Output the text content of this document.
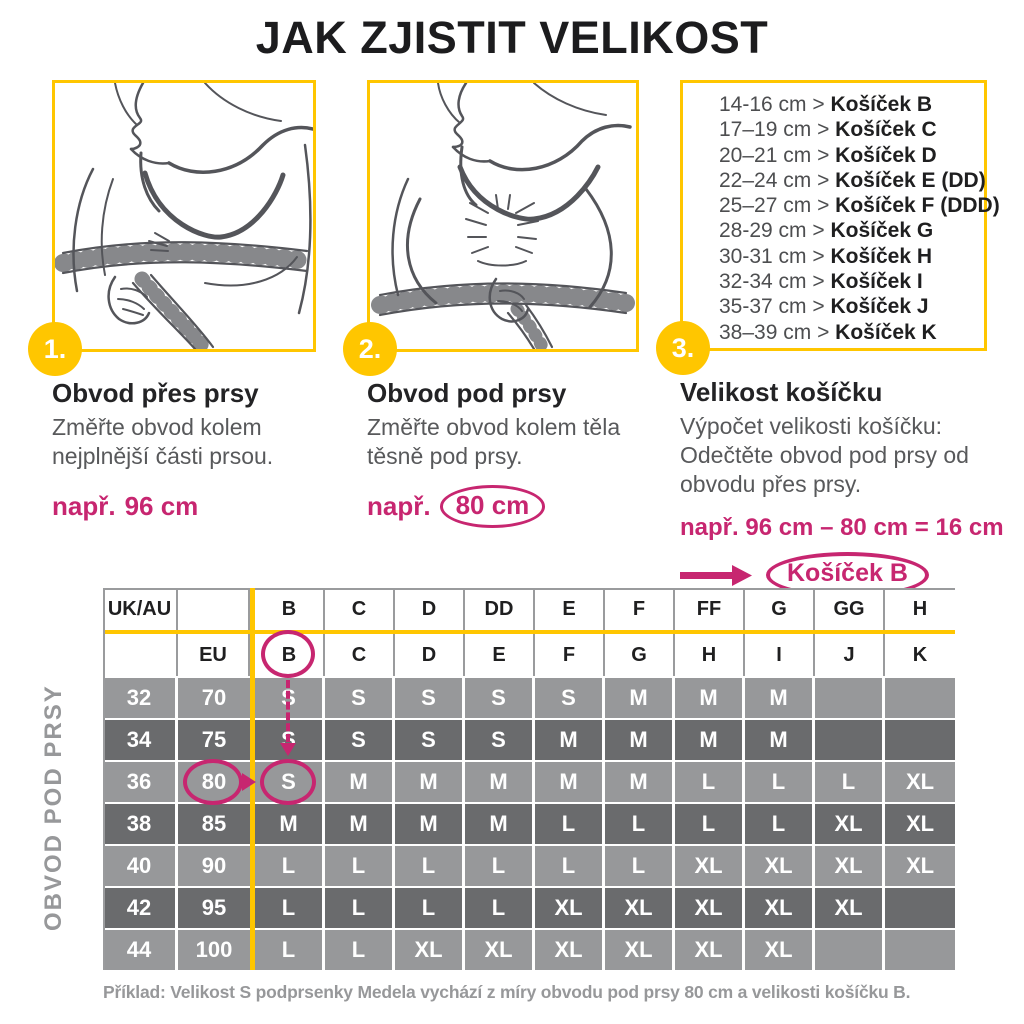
JAK ZJISTIT VELIKOST
1.
Obvod přes prsy

Změřte obvod kolem nejplnější části prsou.

např. 96 cm
2.
Obvod pod prsy

Změřte obvod kolem těla těsně pod prsy.

např. 80 cm
14-16 cm > Košíček B
17–19 cm > Košíček C
20–21 cm > Košíček D
22–24 cm > Košíček E (DD)
25–27 cm > Košíček F (DDD)
28-29 cm > Košíček G
30-31 cm > Košíček H
32-34 cm > Košíček I
35-37 cm > Košíček J
38–39 cm > Košíček K
3.
Velikost košíčku

Výpočet velikosti košíčku: Odečtěte obvod pod prsy od obvodu přes prsy.

např. 96 cm – 80 cm = 16 cm
Košíček B
OBVOD POD PRSY
UK/AU	B	C	D	DD	E	F	FF	G	GG	H
EU	B	C	D	E	F	G	H	I	J	K
32	70	S	S	S	S	S	M	M	M
34	75	S	S	S	S	M	M	M	M
36	80	S	M	M	M	M	M	L	L	L	XL
38	85	M	M	M	M	L	L	L	L	XL	XL
40	90	L	L	L	L	L	L	XL	XL	XL	XL
42	95	L	L	L	L	XL	XL	XL	XL	XL
44	100	L	L	XL	XL	XL	XL	XL	XL
Příklad: Velikost S podprsenky Medela vychází z míry obvodu pod prsy 80 cm a velikosti košíčku B.
